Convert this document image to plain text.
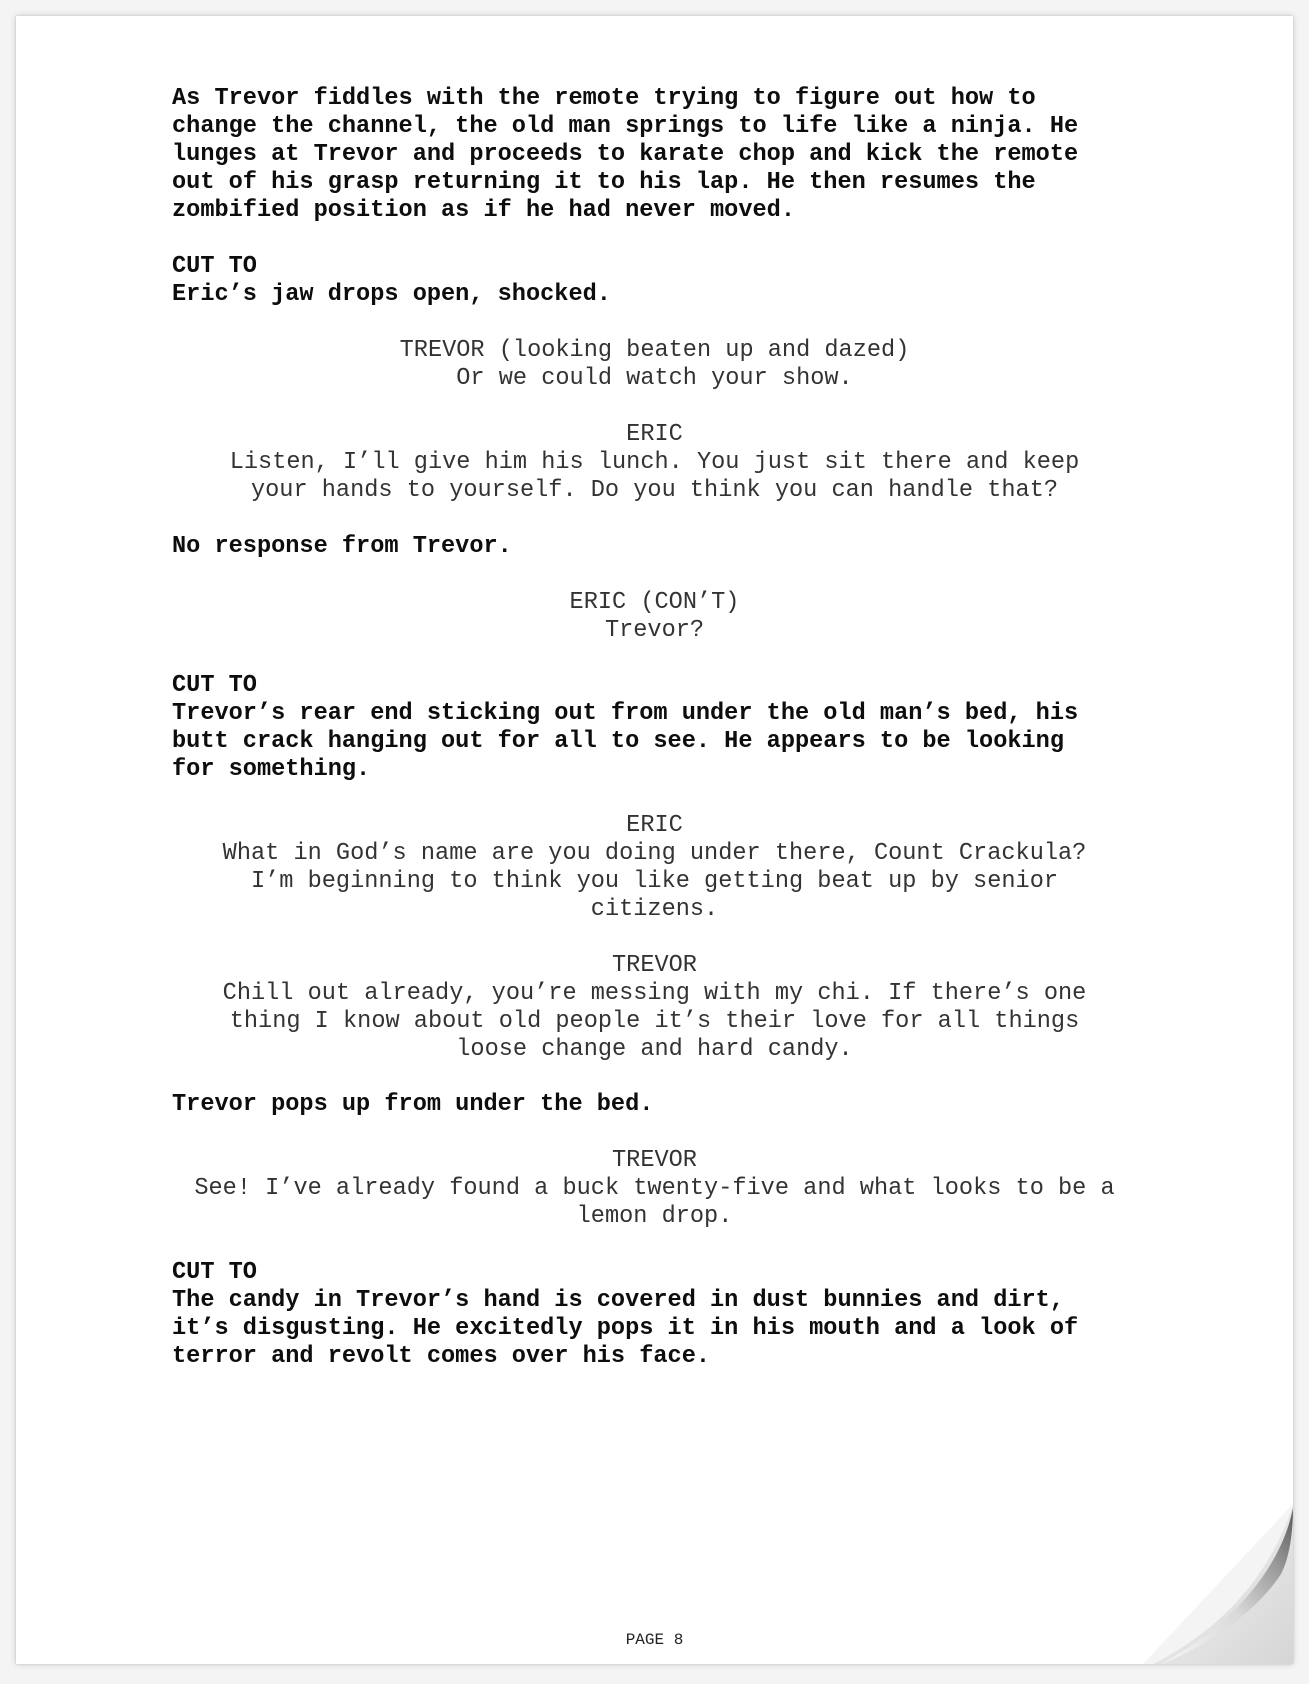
As Trevor fiddles with the remote trying to figure out how to
change the channel, the old man springs to life like a ninja. He
lunges at Trevor and proceeds to karate chop and kick the remote
out of his grasp returning it to his lap. He then resumes the
zombified position as if he had never moved.
CUT TO
Eric’s jaw drops open, shocked.
TREVOR (looking beaten up and dazed)
Or we could watch your show.
ERIC
Listen, I’ll give him his lunch. You just sit there and keep
your hands to yourself. Do you think you can handle that?
No response from Trevor.
ERIC (CON’T)
Trevor?
CUT TO
Trevor’s rear end sticking out from under the old man’s bed, his
butt crack hanging out for all to see. He appears to be looking
for something.
ERIC
What in God’s name are you doing under there, Count Crackula?
I’m beginning to think you like getting beat up by senior
citizens.
TREVOR
Chill out already, you’re messing with my chi. If there’s one
thing I know about old people it’s their love for all things
loose change and hard candy.
Trevor pops up from under the bed.
TREVOR
See! I’ve already found a buck twenty-five and what looks to be a
lemon drop.
CUT TO
The candy in Trevor’s hand is covered in dust bunnies and dirt,
it’s disgusting. He excitedly pops it in his mouth and a look of
terror and revolt comes over his face.
PAGE 8
